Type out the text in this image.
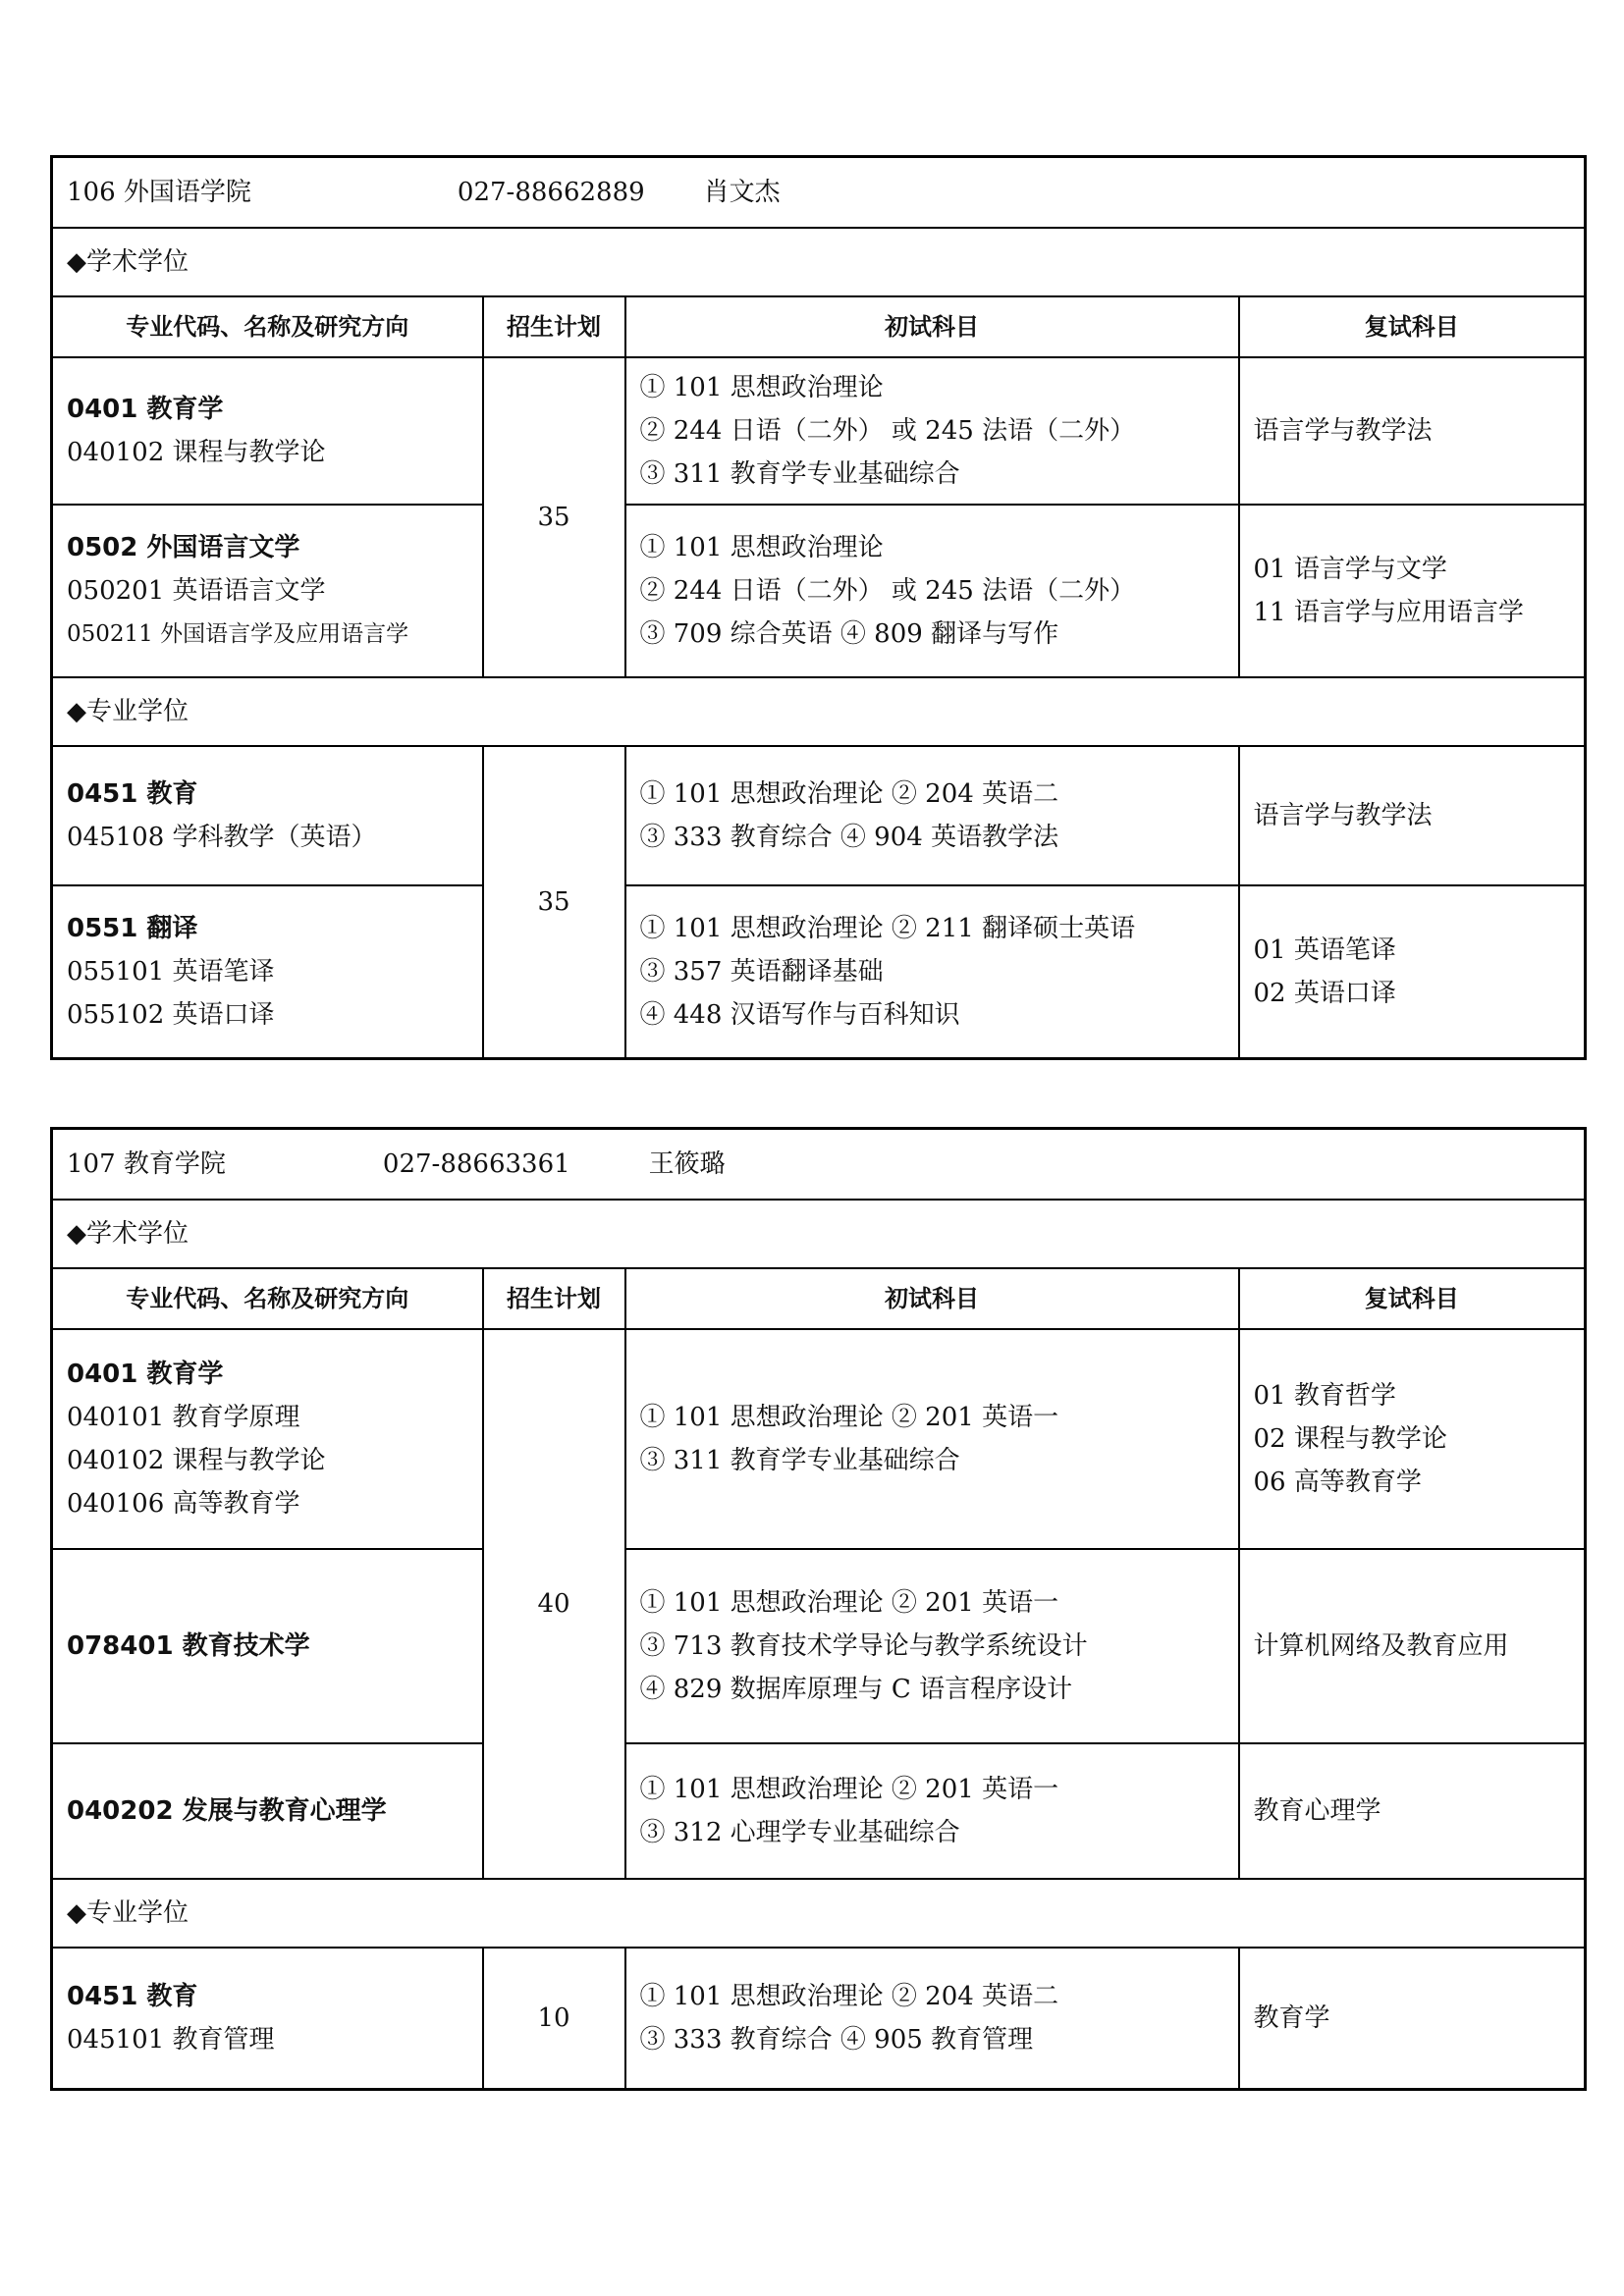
106 外国语学院 027-88662889 肖文杰			
◆学术学位			
专业代码、名称及研究方向	招生计划	初试科目	复试科目

0401 教育学
040102 课程与教学论	35	① 101 思想政治理论
② 244 日语（二外） 或 245 法语（二外）
③ 311 教育学专业基础综合	语言学与教学法

0502 外国语言文学
050201 英语语言文学
050211 外国语言学及应用语言学		① 101 思想政治理论
② 244 日语（二外） 或 245 法语（二外）
③ 709 综合英语 ④ 809 翻译与写作	01 语言学与文学
11 语言学与应用语言学

◆专业学位			

0451 教育
045108 学科教学（英语）	35	① 101 思想政治理论 ② 204 英语二
③ 333 教育综合 ④ 904 英语教学法	语言学与教学法

0551 翻译
055101 英语笔译
055102 英语口译		① 101 思想政治理论 ② 211 翻译硕士英语
③ 357 英语翻译基础
④ 448 汉语写作与百科知识	01 英语笔译
02 英语口译
107 教育学院 027-88663361 王筱璐			
◆学术学位			
专业代码、名称及研究方向	招生计划	初试科目	复试科目

0401 教育学
040101 教育学原理
040102 课程与教学论
040106 高等教育学	40	① 101 思想政治理论 ② 201 英语一
③ 311 教育学专业基础综合	01 教育哲学
02 课程与教学论
06 高等教育学

078401 教育技术学		① 101 思想政治理论 ② 201 英语一
③ 713 教育技术学导论与教学系统设计
④ 829 数据库原理与 C 语言程序设计	计算机网络及教育应用

040202 发展与教育心理学		① 101 思想政治理论 ② 201 英语一
③ 312 心理学专业基础综合	教育心理学

◆专业学位			

0451 教育
045101 教育管理	10	① 101 思想政治理论 ② 204 英语二
③ 333 教育综合 ④ 905 教育管理	教育学
